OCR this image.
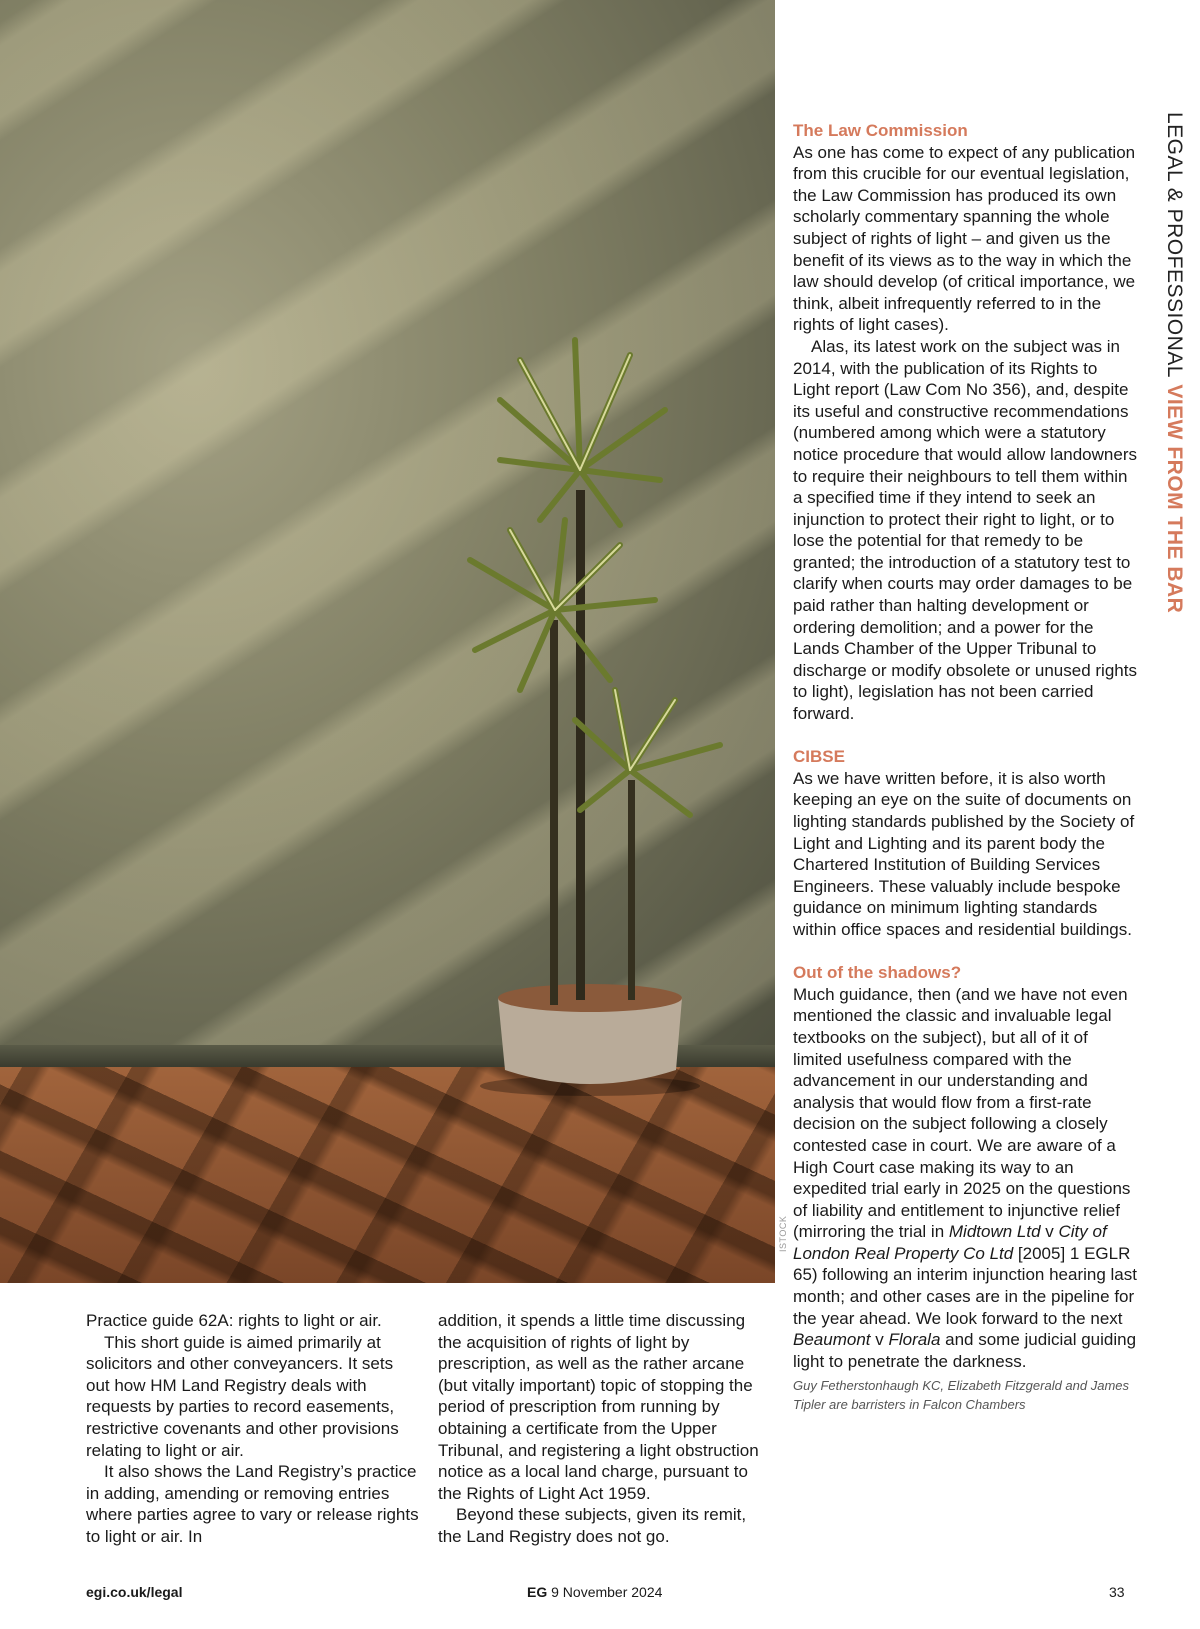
ISTOCK
LEGAL & PROFESSIONAL VIEW FROM THE BAR
The Law Commission

As one has come to expect of any publication from this crucible for our eventual legislation, the Law Commission has produced its own scholarly commentary spanning the whole subject of rights of light – and given us the benefit of its views as to the way in which the law should develop (of critical importance, we think, albeit infrequently referred to in the rights of light cases).

Alas, its latest work on the subject was in 2014, with the publication of its Rights to Light report (Law Com No 356), and, despite its useful and constructive recommendations (numbered among which were a statutory notice procedure that would allow landowners to require their neighbours to tell them within a specified time if they intend to seek an injunction to protect their right to light, or to lose the potential for that remedy to be granted; the introduction of a statutory test to clarify when courts may order damages to be paid rather than halting development or ordering demolition; and a power for the Lands Chamber of the Upper Tribunal to discharge or modify obsolete or unused rights to light), legislation has not been carried forward.

CIBSE

As we have written before, it is also worth keeping an eye on the suite of documents on lighting standards published by the Society of Light and Lighting and its parent body the Chartered Institution of Building Services Engineers. These valuably include bespoke guidance on minimum lighting standards within office spaces and residential buildings.

Out of the shadows?

Much guidance, then (and we have not even mentioned the classic and invaluable legal textbooks on the subject), but all of it of limited usefulness compared with the advancement in our understanding and analysis that would flow from a first-rate decision on the subject following a closely contested case in court. We are aware of a High Court case making its way to an expedited trial early in 2025 on the questions of liability and entitlement to injunctive relief (mirroring the trial in Midtown Ltd v City of London Real Property Co Ltd [2005] 1 EGLR 65) following an interim injunction hearing last month; and other cases are in the pipeline for the year ahead. We look forward to the next Beaumont v Florala and some judicial guiding light to penetrate the darkness.

Guy Fetherstonhaugh KC, Elizabeth Fitzgerald and James Tipler are barristers in Falcon Chambers

Practice guide 62A: rights to light or air.

This short guide is aimed primarily at solicitors and other conveyancers. It sets out how HM Land Registry deals with requests by parties to record easements, restrictive covenants and other provisions relating to light or air.

It also shows the Land Registry’s practice in adding, amending or removing entries where parties agree to vary or release rights to light or air. In

addition, it spends a little time discussing the acquisition of rights of light by prescription, as well as the rather arcane (but vitally important) topic of stopping the period of prescription from running by obtaining a certificate from the Upper Tribunal, and registering a light obstruction notice as a local land charge, pursuant to the Rights of Light Act 1959.

Beyond these subjects, given its remit, the Land Registry does not go.

egi.co.uk/legal	EG 9 November 2024	33
